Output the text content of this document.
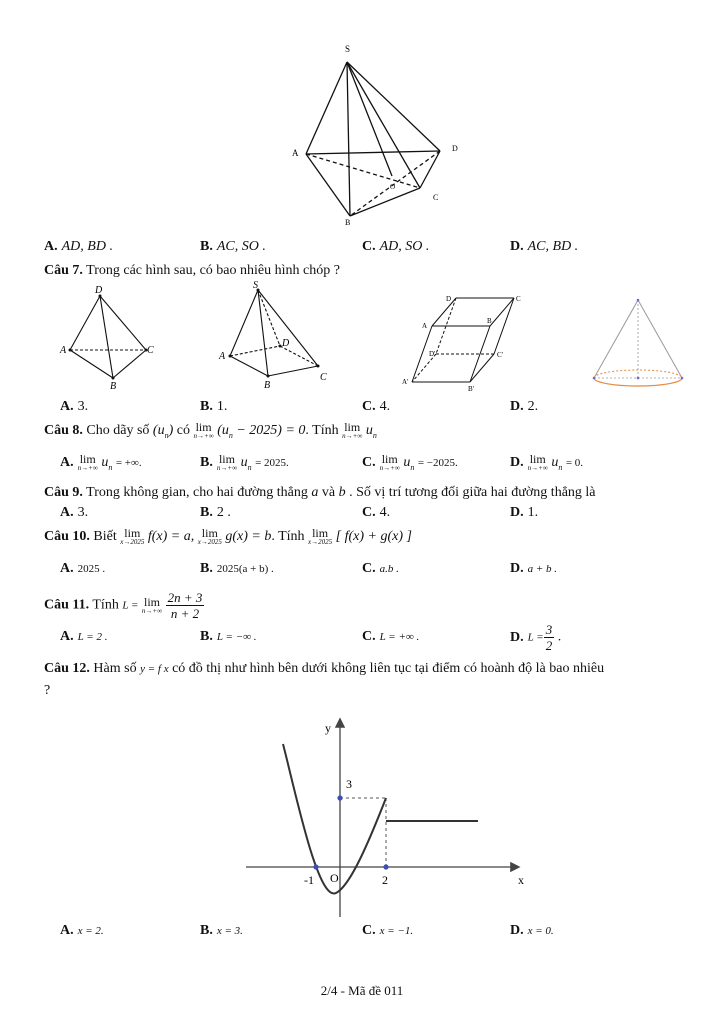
S
A	D
C
B
O
A. AD, BD .	B. AC, SO .	C. AD, SO .	D. AC, BD .
Câu 7. Trong các hình sau, có bao nhiêu hình chóp ?
D
A	C
B
S
A
D
B
C
D	C
A
B
D'	C'
A'
B'
A. 3.	B. 1.	C. 4.	D. 2.
Câu 8. Cho dãy số $(u_n)$ có lim
n→+∞ $(u_n - 2025) = 0$. Tính lim
n→+∞ $u_n$
A. lim
n→+∞ $u_n$ = +∞.	B. lim
n→+∞ $u_n = 2025$.	C. lim
n→+∞ $u_n = -2025$.	D. lim
n→+∞ $u_n = 0$.
Câu 9. Trong không gian, cho hai đường thẳng a và b . Số vị trí tương đối giữa hai đường thẳng là
A. 3.	B. 2 .	C. 4.	D. 1.
Câu 10. Biết lim
x→2025 f(x) = a, lim
x→2025 g(x) = b. Tính lim
x→2025 [ f(x) + g(x) ]
A. 2025 .	B. 2025(a + b) .	C. a.b .	D. a + b .
Câu 11. Tính L = lim
n→+∞
$\frac{2n + 3}{n + 2}$
A. L = 2 .	B. L = −∞ .	C. L = +∞ .	D. $L = \frac{3}{2}$ .
Câu 12. Hàm số y = f x có đồ thị như hình bên dưới không liên tục tại điểm có hoành độ là bao nhiêu
?
y
x
3
-1 O	2
A. x = 2.	B. x = 3.	C. x = −1.	D. x = 0.
2/4 - Mã đề 011
